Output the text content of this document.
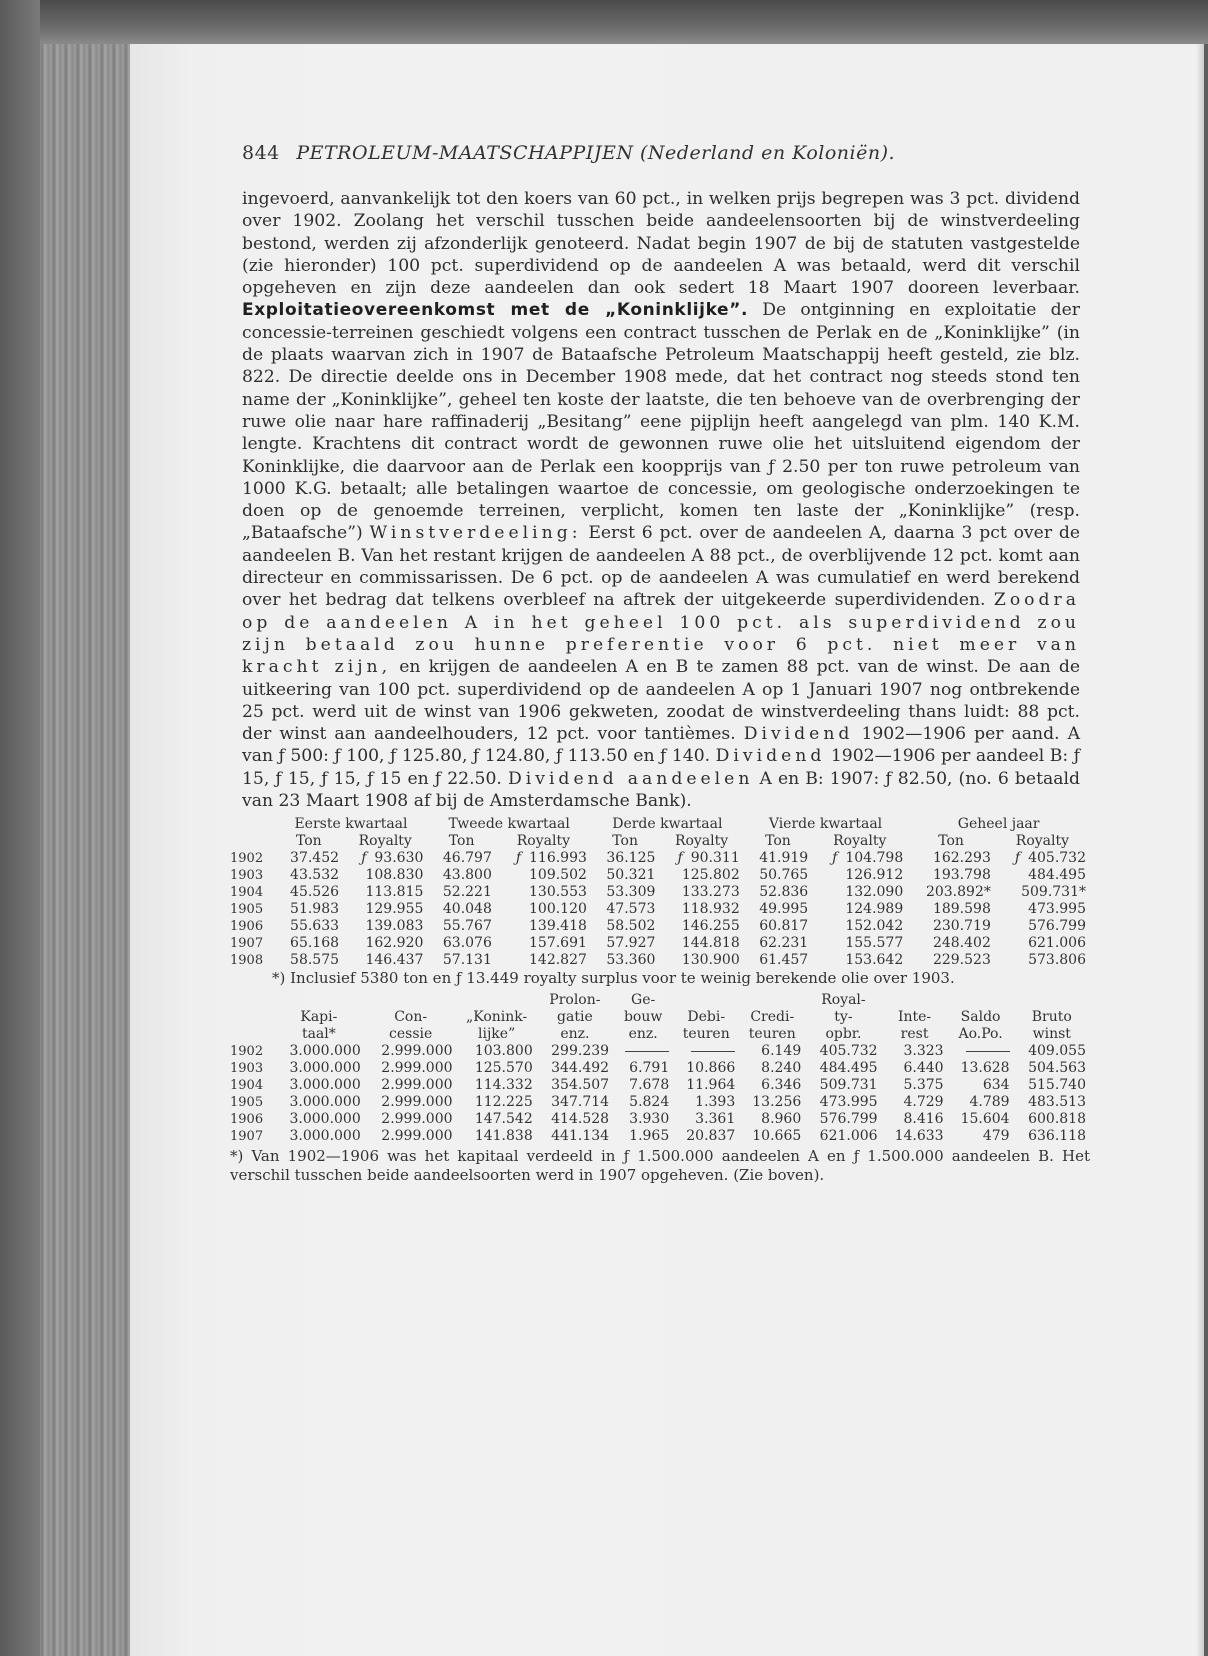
844 PETROLEUM-MAATSCHAPPIJEN (Nederland en Koloniën).

ingevoerd, aanvankelijk tot den koers van 60 pct., in welken prijs begrepen was 3 pct. dividend over 1902. Zoolang het verschil tusschen beide aandeelensoorten bij de winstverdeeling bestond, werden zij afzonderlijk genoteerd. Nadat begin 1907 de bij de statuten vastgestelde (zie hieronder) 100 pct. superdividend op de aandeelen A was betaald, werd dit verschil opgeheven en zijn deze aandeelen dan ook sedert 18 Maart 1907 dooreen leverbaar. Exploitatieovereenkomst met de „Koninklijke”. De ontginning en exploitatie der concessie-terreinen geschiedt volgens een contract tusschen de Perlak en de „Koninklijke” (in de plaats waarvan zich in 1907 de Bataafsche Petroleum Maatschappij heeft gesteld, zie blz. 822. De directie deelde ons in December 1908 mede, dat het contract nog steeds stond ten name der „Koninklijke”, geheel ten koste der laatste, die ten behoeve van de overbrenging der ruwe olie naar hare raffinaderij „Besitang” eene pijplijn heeft aangelegd van plm. 140 K.M. lengte. Krachtens dit contract wordt de gewonnen ruwe olie het uitsluitend eigendom der Koninklijke, die daarvoor aan de Perlak een koopprijs van ƒ 2.50 per ton ruwe petroleum van 1000 K.G. betaalt; alle betalingen waartoe de concessie, om geologische onderzoekingen te doen op de genoemde terreinen, verplicht, komen ten laste der „Koninklijke” (resp. „Bataafsche”) Winstverdeeling: Eerst 6 pct. over de aandeelen A, daarna 3 pct over de aandeelen B. Van het restant krijgen de aandeelen A 88 pct., de overblijvende 12 pct. komt aan directeur en commissarissen. De 6 pct. op de aandeelen A was cumulatief en werd berekend over het bedrag dat telkens overbleef na aftrek der uitgekeerde superdividenden. Zoodra op de aandeelen A in het geheel 100 pct. als superdividend zou zijn betaald zou hunne preferentie voor 6 pct. niet meer van kracht zijn, en krijgen de aandeelen A en B te zamen 88 pct. van de winst. De aan de uitkeering van 100 pct. superdividend op de aandeelen A op 1 Januari 1907 nog ontbrekende 25 pct. werd uit de winst van 1906 gekweten, zoodat de winstverdeeling thans luidt: 88 pct. der winst aan aandeelhouders, 12 pct. voor tantièmes. Dividend 1902—1906 per aand. A van ƒ 500: ƒ 100, ƒ 125.80, ƒ 124.80, ƒ 113.50 en ƒ 140. Dividend 1902—1906 per aandeel B: ƒ 15, ƒ 15, ƒ 15, ƒ 15 en ƒ 22.50. Dividend aandeelen A en B: 1907: ƒ 82.50, (no. 6 betaald van 23 Maart 1908 af bij de Amsterdamsche Bank).

	Eerste kwartaal		Tweede kwartaal		Derde kwartaal		Vierde kwartaal		Geheel jaar	
	Ton	Royalty	Ton	Royalty	Ton	Royalty	Ton	Royalty	Ton	Royalty
1902	37.452	ƒ 93.630	46.797	ƒ 116.993	36.125	ƒ 90.311	41.919	ƒ 104.798	162.293	ƒ 405.732
1903	43.532	108.830	43.800	109.502	50.321	125.802	50.765	126.912	193.798	484.495
1904	45.526	113.815	52.221	130.553	53.309	133.273	52.836	132.090	203.892*	509.731*
1905	51.983	129.955	40.048	100.120	47.573	118.932	49.995	124.989	189.598	473.995
1906	55.633	139.083	55.767	139.418	58.502	146.255	60.817	152.042	230.719	576.799
1907	65.168	162.920	63.076	157.691	57.927	144.818	62.231	155.577	248.402	621.006
1908	58.575	146.437	57.131	142.827	53.360	130.900	61.457	153.642	229.523	573.806
*) Inclusief 5380 ton en ƒ 13.449 royalty surplus voor te weinig berekende olie over 1903.
				Prolon-	Ge-			Royal-			
	Kapi-	Con-	„Konink-	gatie	bouw	Debi-	Credi-	ty-	Inte-	Saldo	Bruto
	taal*	cessie	lijke”	enz.	enz.	teuren	teuren	opbr.	rest	Ao.Po.	winst
1902	3.000.000	2.999.000	103.800	299.239			6.149	405.732	3.323		409.055
1903	3.000.000	2.999.000	125.570	344.492	6.791	10.866	8.240	484.495	6.440	13.628	504.563
1904	3.000.000	2.999.000	114.332	354.507	7.678	11.964	6.346	509.731	5.375	634	515.740
1905	3.000.000	2.999.000	112.225	347.714	5.824	1.393	13.256	473.995	4.729	4.789	483.513
1906	3.000.000	2.999.000	147.542	414.528	3.930	3.361	8.960	576.799	8.416	15.604	600.818
1907	3.000.000	2.999.000	141.838	441.134	1.965	20.837	10.665	621.006	14.633	479	636.118
*) Van 1902—1906 was het kapitaal verdeeld in ƒ 1.500.000 aandeelen A en ƒ 1.500.000 aandeelen B. Het verschil tusschen beide aandeelsoorten werd in 1907 opgeheven. (Zie boven).
